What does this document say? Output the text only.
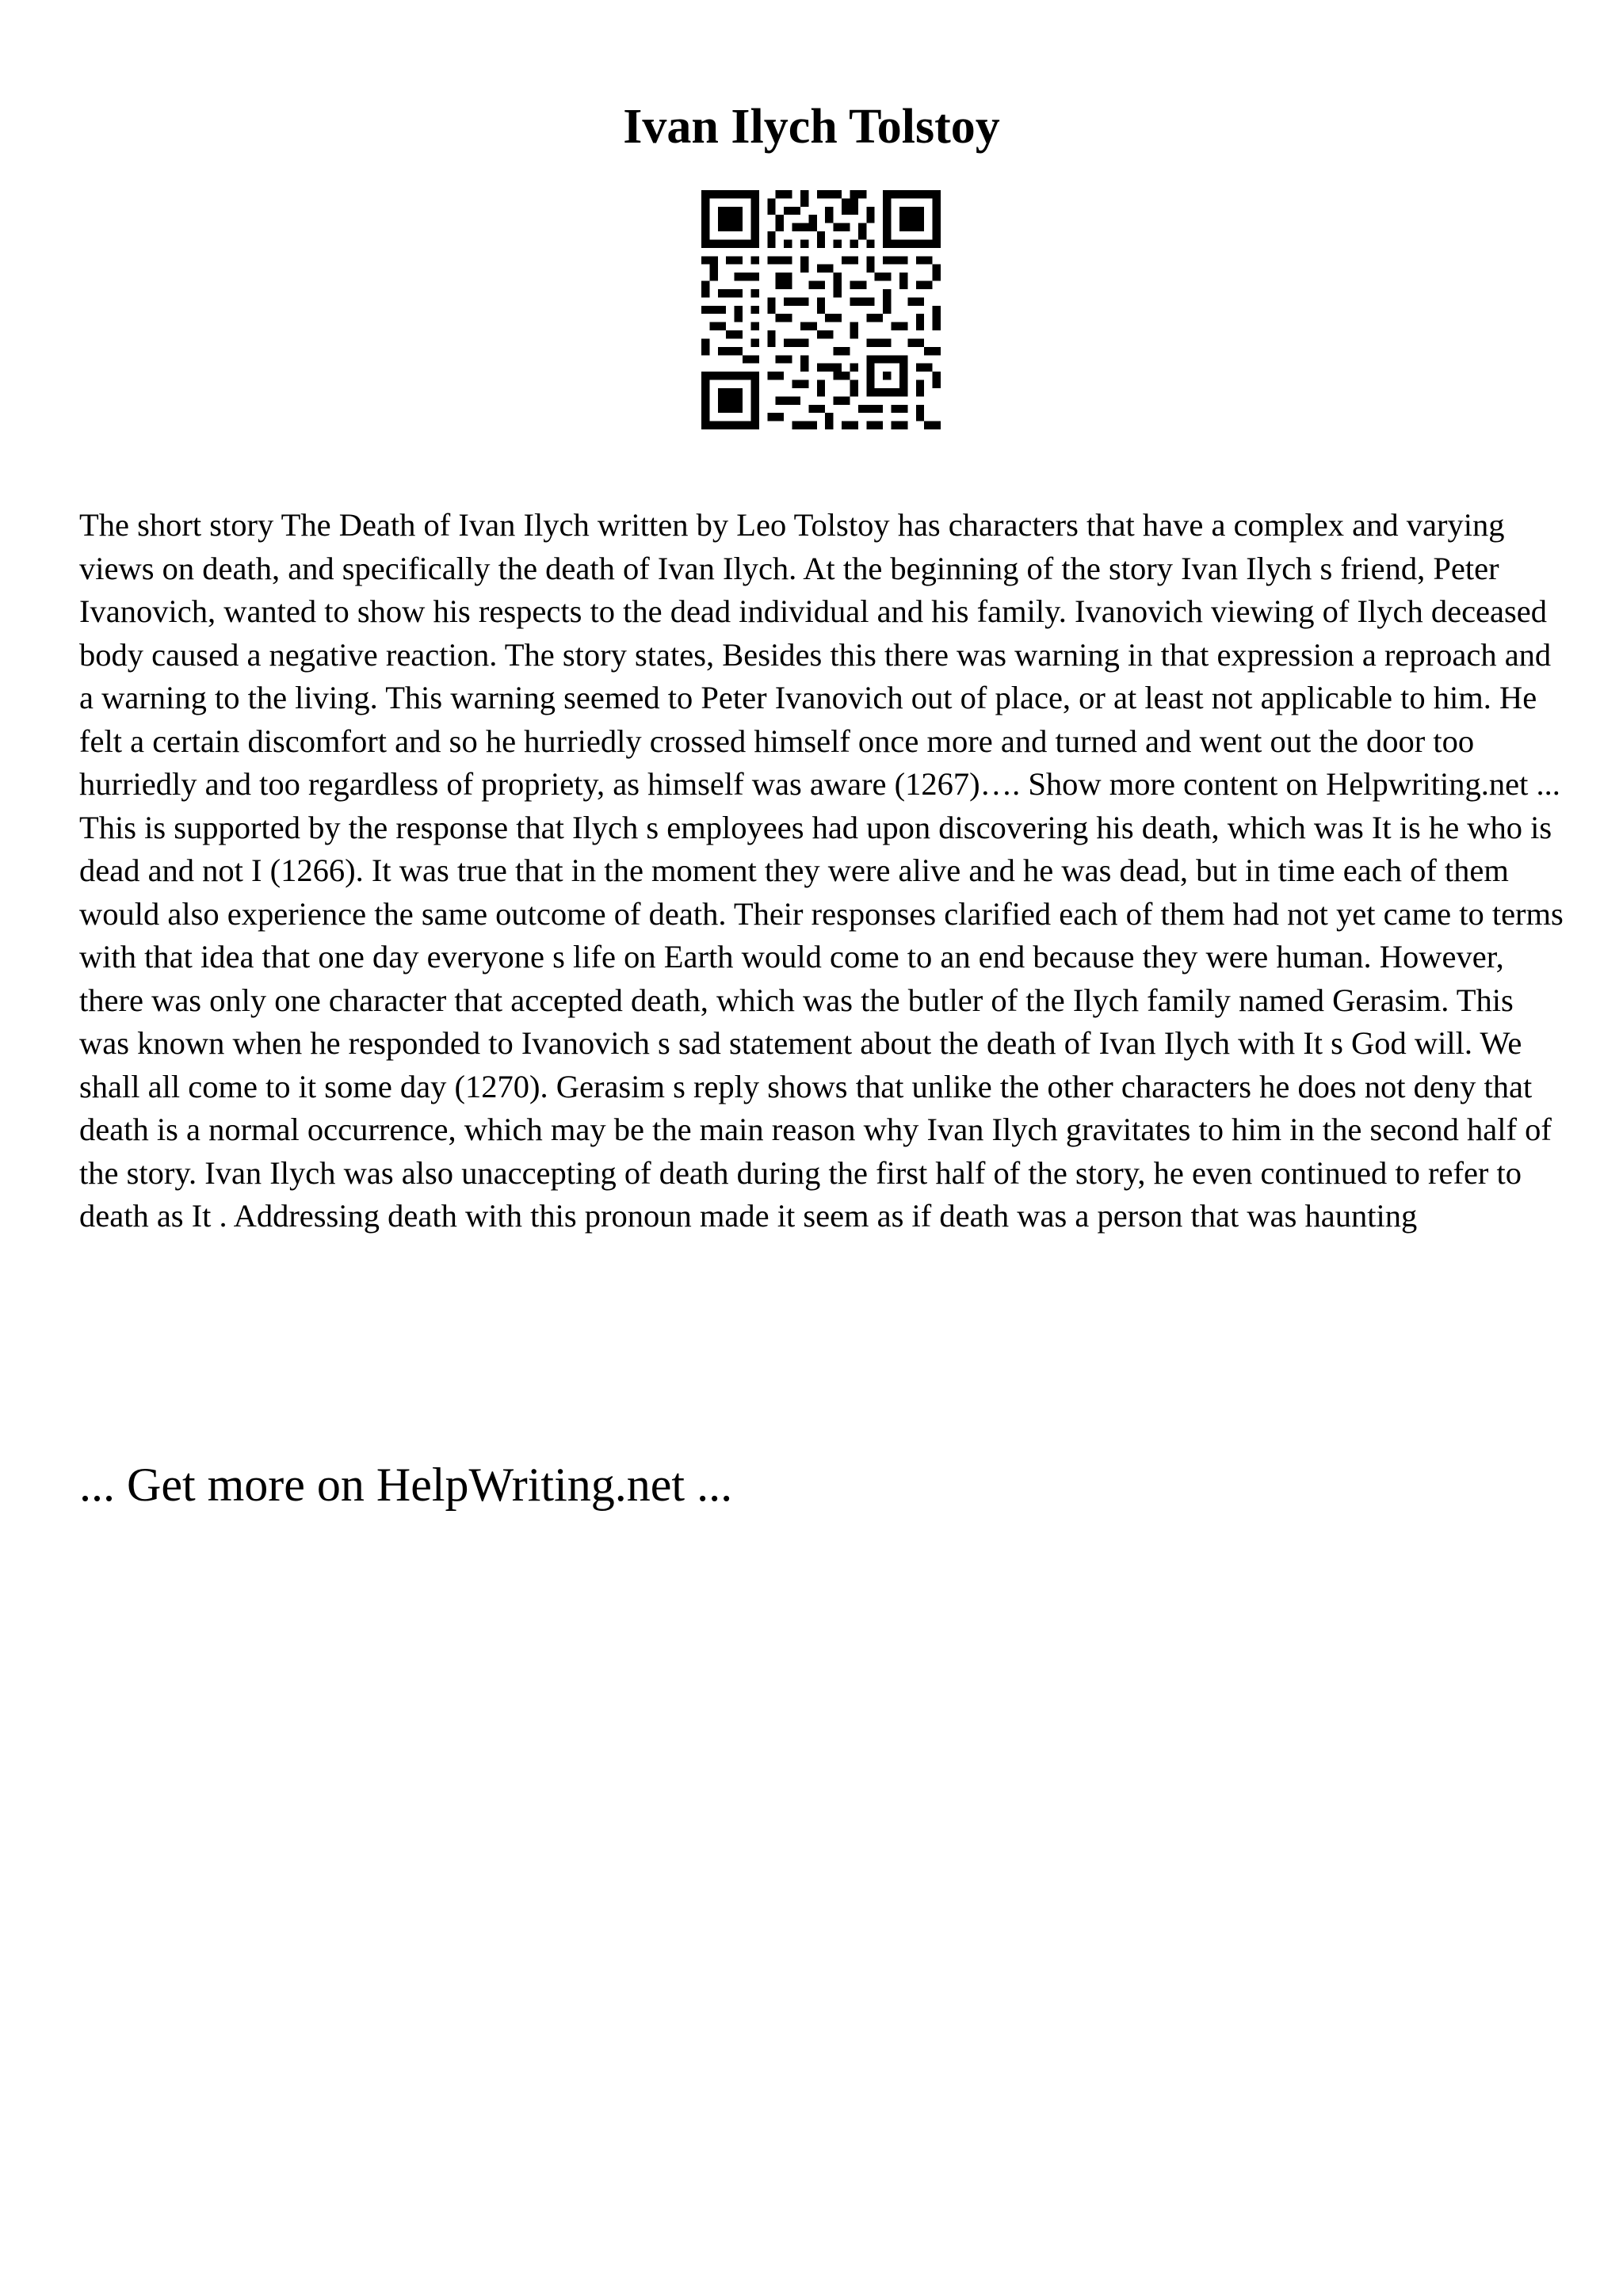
Ivan Ilych Tolstoy

The short story The Death of Ivan Ilych written by Leo Tolstoy has characters that have a complex and varying views on death, and specifically the death of Ivan Ilych. At the beginning of the story Ivan Ilych s friend, Peter Ivanovich, wanted to show his respects to the dead individual and his family. Ivanovich viewing of Ilych deceased body caused a negative reaction. The story states, Besides this there was warning in that expression a reproach and a warning to the living. This warning seemed to Peter Ivanovich out of place, or at least not applicable to him. He felt a certain discomfort and so he hurriedly crossed himself once more and turned and went out the door too hurriedly and too regardless of propriety, as himself was aware (1267)…. Show more content on Helpwriting.net ...

This is supported by the response that Ilych s employees had upon discovering his death, which was It is he who is dead and not I (1266). It was true that in the moment they were alive and he was dead, but in time each of them would also experience the same outcome of death. Their responses clarified each of them had not yet came to terms with that idea that one day everyone s life on Earth would come to an end because they were human. However, there was only one character that accepted death, which was the butler of the Ilych family named Gerasim. This was known when he responded to Ivanovich s sad statement about the death of Ivan Ilych with It s God will. We shall all come to it some day (1270). Gerasim s reply shows that unlike the other characters he does not deny that death is a normal occurrence, which may be the main reason why Ivan Ilych gravitates to him in the second half of the story. Ivan Ilych was also unaccepting of death during the first half of the story, he even continued to refer to death as It . Addressing death with this pronoun made it seem as if death was a person that was haunting

... Get more on HelpWriting.net ...
